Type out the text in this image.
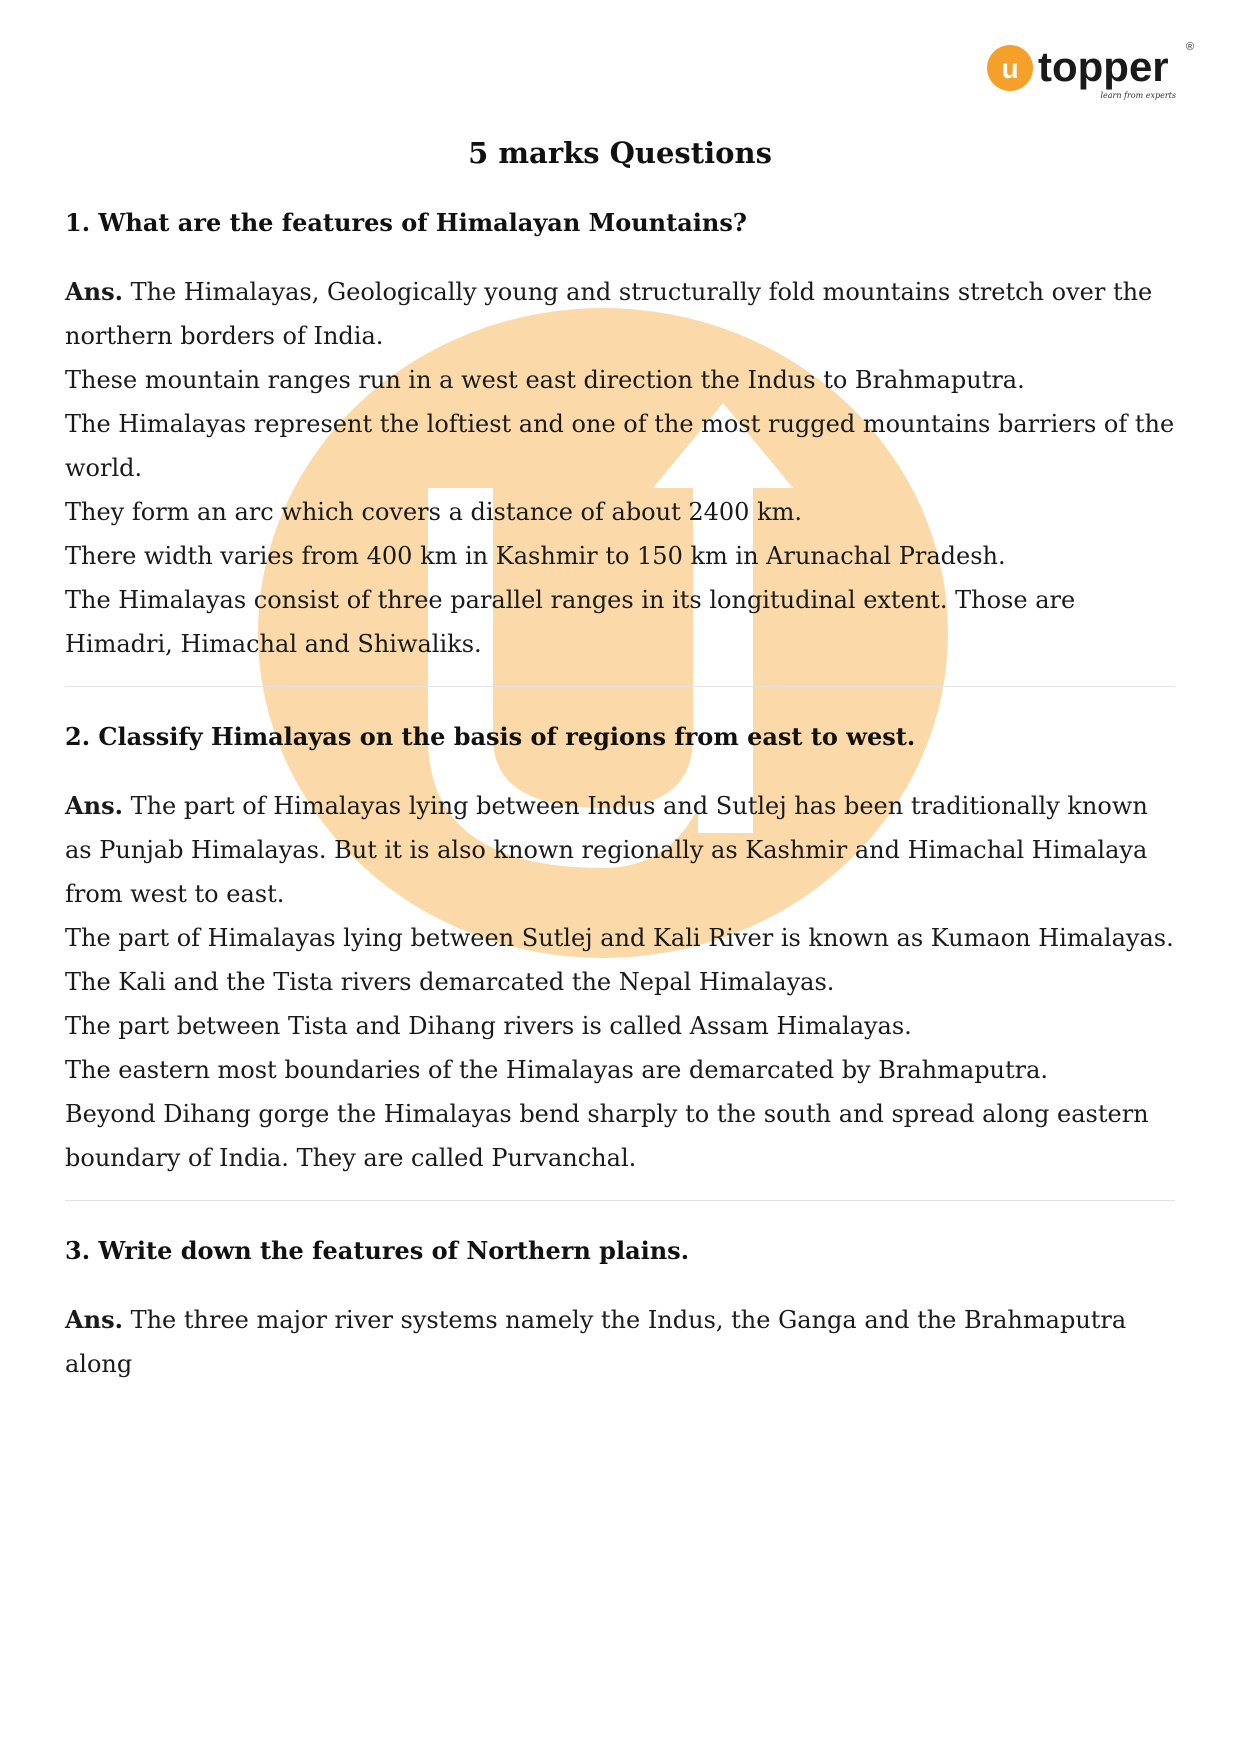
u topper ®
learn from experts
5 marks Questions

1. What are the features of Himalayan Mountains?

Ans. The Himalayas, Geologically young and structurally fold mountains stretch over the northern borders of India.

These mountain ranges run in a west east direction the Indus to Brahmaputra.

The Himalayas represent the loftiest and one of the most rugged mountains barriers of the world.

They form an arc which covers a distance of about 2400 km.

There width varies from 400 km in Kashmir to 150 km in Arunachal Pradesh.

The Himalayas consist of three parallel ranges in its longitudinal extent. Those are Himadri, Himachal and Shiwaliks.

2. Classify Himalayas on the basis of regions from east to west.

Ans. The part of Himalayas lying between Indus and Sutlej has been traditionally known as Punjab Himalayas. But it is also known regionally as Kashmir and Himachal Himalaya from west to east.

The part of Himalayas lying between Sutlej and Kali River is known as Kumaon Himalayas.

The Kali and the Tista rivers demarcated the Nepal Himalayas.

The part between Tista and Dihang rivers is called Assam Himalayas.

The eastern most boundaries of the Himalayas are demarcated by Brahmaputra.

Beyond Dihang gorge the Himalayas bend sharply to the south and spread along eastern boundary of India. They are called Purvanchal.

3. Write down the features of Northern plains.

Ans. The three major river systems namely the Indus, the Ganga and the Brahmaputra along
